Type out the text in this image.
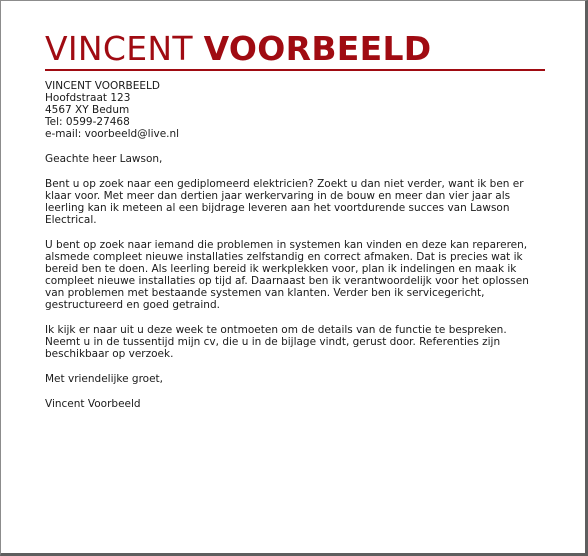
VINCENT VOORBEELD
VINCENT VOORBEELD
Hoofdstraat 123
4567 XY Bedum
Tel: 0599-27468
e-mail: voorbeeld@live.nl
Geachte heer Lawson,
Bent u op zoek naar een gediplomeerd elektricien? Zoekt u dan niet verder, want ik ben er
klaar voor. Met meer dan dertien jaar werkervaring in de bouw en meer dan vier jaar als
leerling kan ik meteen al een bijdrage leveren aan het voortdurende succes van Lawson
Electrical.
U bent op zoek naar iemand die problemen in systemen kan vinden en deze kan repareren,
alsmede compleet nieuwe installaties zelfstandig en correct afmaken. Dat is precies wat ik
bereid ben te doen. Als leerling bereid ik werkplekken voor, plan ik indelingen en maak ik
compleet nieuwe installaties op tijd af. Daarnaast ben ik verantwoordelijk voor het oplossen
van problemen met bestaande systemen van klanten. Verder ben ik servicegericht,
gestructureerd en goed getraind.
Ik kijk er naar uit u deze week te ontmoeten om de details van de functie te bespreken.
Neemt u in de tussentijd mijn cv, die u in de bijlage vindt, gerust door. Referenties zijn
beschikbaar op verzoek.
Met vriendelijke groet,
Vincent Voorbeeld
